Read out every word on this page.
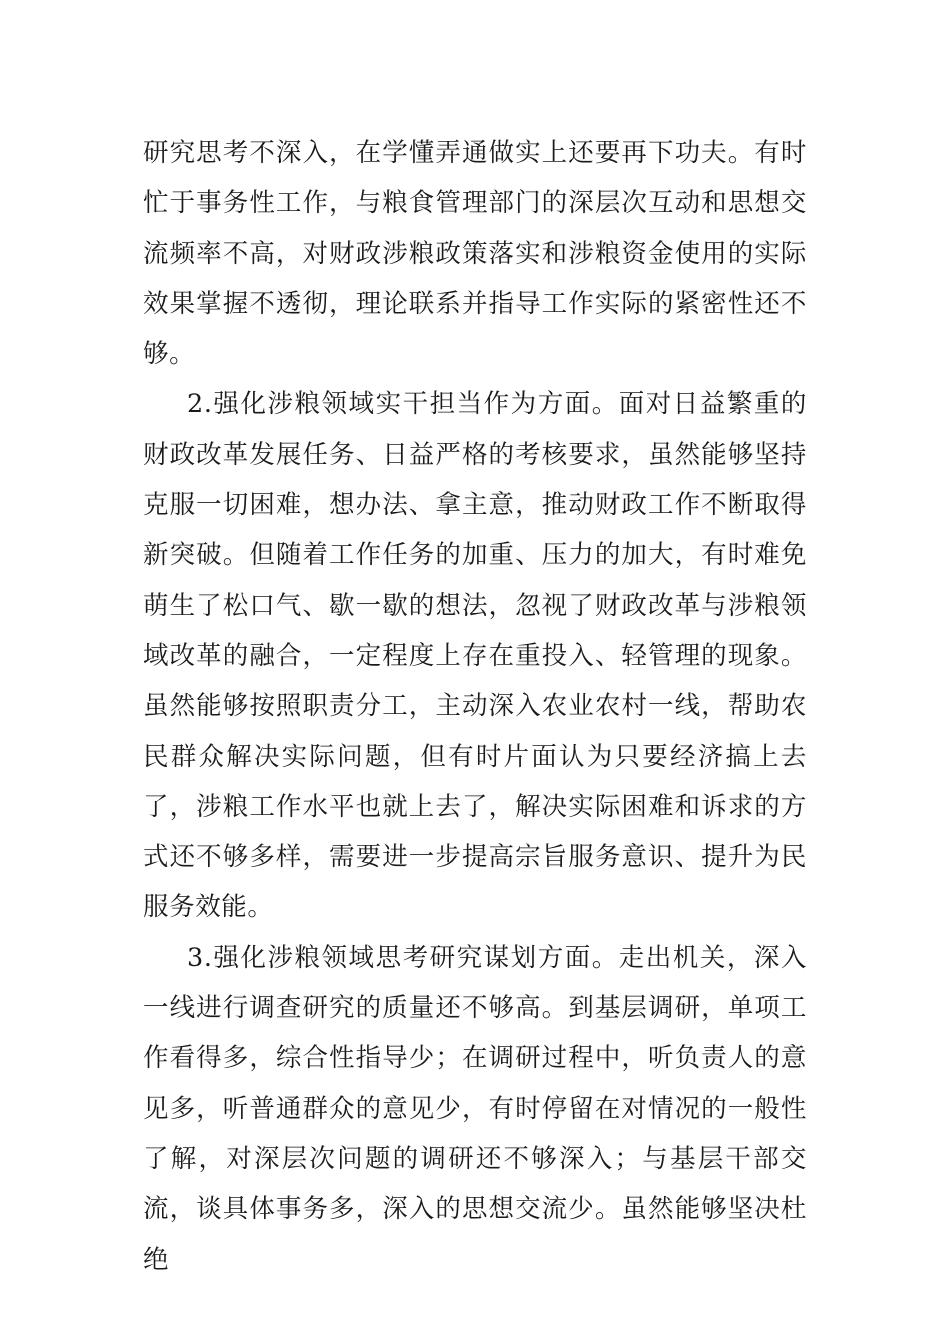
研究思考不深入，在学懂弄通做实上还要再下功夫。有时忙于事务性工作，与粮食管理部门的深层次互动和思想交流频率不高，对财政涉粮政策落实和涉粮资金使用的实际效果掌握不透彻，理论联系并指导工作实际的紧密性还不够。

2.强化涉粮领域实干担当作为方面。面对日益繁重的财政改革发展任务、日益严格的考核要求，虽然能够坚持克服一切困难，想办法、拿主意，推动财政工作不断取得新突破。但随着工作任务的加重、压力的加大，有时难免萌生了松口气、歇一歇的想法，忽视了财政改革与涉粮领域改革的融合，一定程度上存在重投入、轻管理的现象。虽然能够按照职责分工，主动深入农业农村一线，帮助农民群众解决实际问题，但有时片面认为只要经济搞上去了，涉粮工作水平也就上去了，解决实际困难和诉求的方式还不够多样，需要进一步提高宗旨服务意识、提升为民服务效能。

3.强化涉粮领域思考研究谋划方面。走出机关，深入一线进行调查研究的质量还不够高。到基层调研，单项工作看得多，综合性指导少；在调研过程中，听负责人的意见多，听普通群众的意见少，有时停留在对情况的一般性了解，对深层次问题的调研还不够深入；与基层干部交流，谈具体事务多，深入的思想交流少。虽然能够坚决杜绝
